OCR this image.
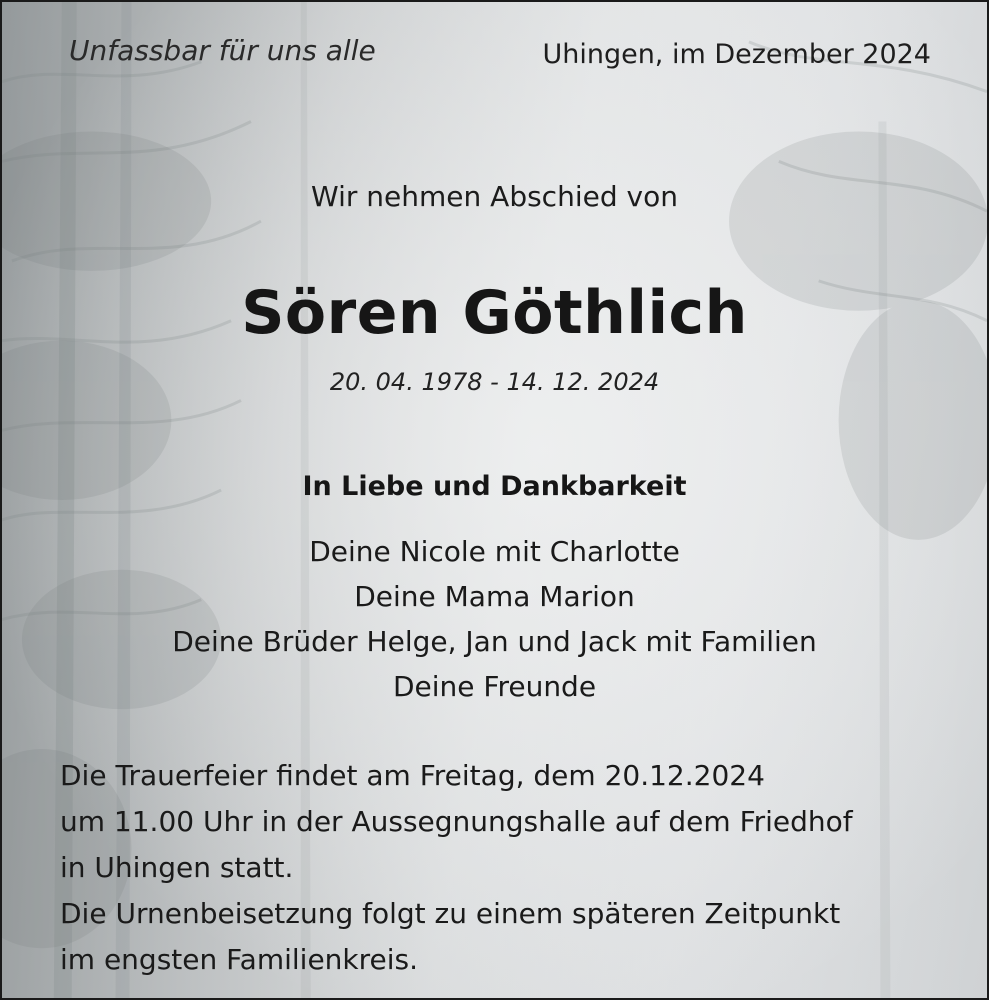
Unfassbar für uns alle	Uhingen, im Dezember 2024

Wir nehmen Abschied von

Sören Göthlich

20. 04. 1978 - 14. 12. 2024

In Liebe und Dankbarkeit

Deine Nicole mit Charlotte
Deine Mama Marion
Deine Brüder Helge, Jan und Jack mit Familien
Deine Freunde
Die Trauerfeier findet am Freitag, dem 20.12.2024
um 11.00 Uhr in der Aussegnungshalle auf dem Friedhof
in Uhingen statt.
Die Urnenbeisetzung folgt zu einem späteren Zeitpunkt
im engsten Familienkreis.
